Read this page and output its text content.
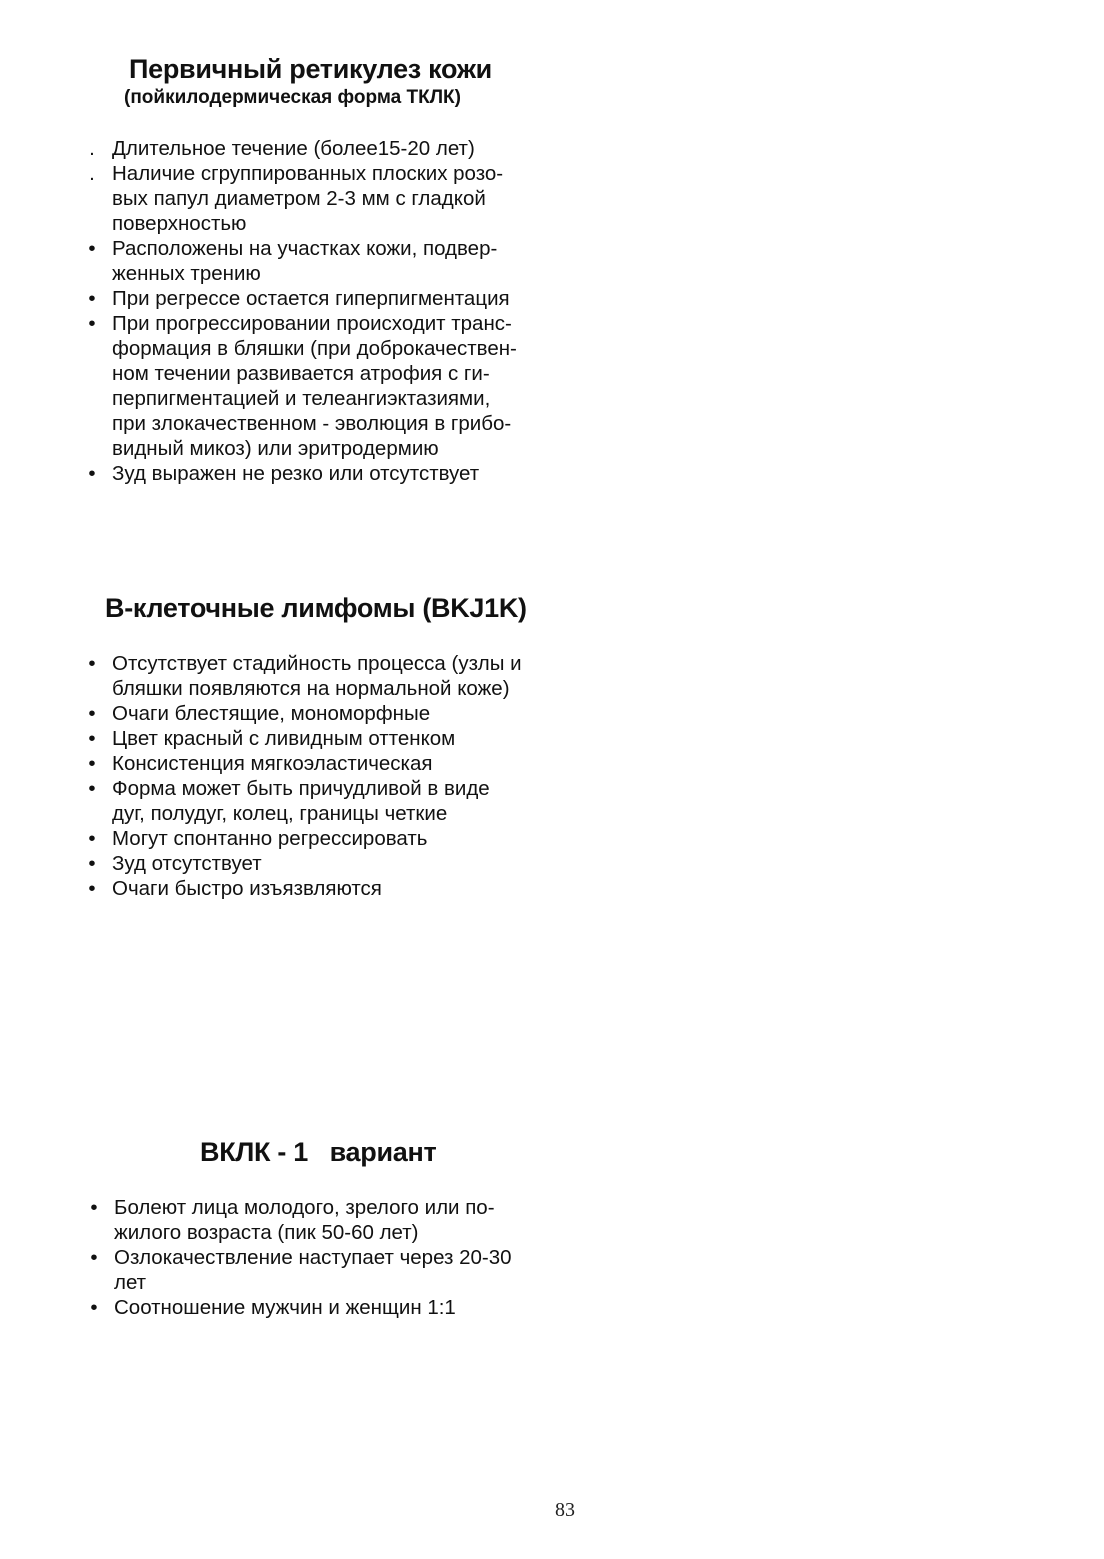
Первичный ретикулез кожи
(пойкилодермическая форма ТКЛК)
. Длительное течение (более15-20 лет)
. Наличие сгруппированных плоских розо-
вых папул диаметром 2-3 мм с гладкой
поверхностью
• Расположены на участках кожи, подвер-
женных трению
• При регрессе остается гиперпигментация
• При прогрессировании происходит транс-
формация в бляшки (при доброкачествен-
ном течении развивается атрофия с ги-
перпигментацией и телеангиэктазиями,
при злокачественном - эволюция в грибо-
видный микоз) или эритродермию
• Зуд выражен не резко или отсутствует
В-клеточные лимфомы (BKJ1K)
• Отсутствует стадийность процесса (узлы и
бляшки появляются на нормальной коже)
• Очаги блестящие, мономорфные
• Цвет красный с ливидным оттенком
• Консистенция мягкоэластическая
• Форма может быть причудливой в виде
дуг, полудуг, колец, границы четкие
• Могут спонтанно регрессировать
• Зуд отсутствует
• Очаги быстро изъязвляются
ВКЛК - 1   вариант
• Болеют лица молодого, зрелого или по-
жилого возраста (пик 50-60 лет)
• Озлокачествление наступает через 20-30
лет
• Соотношение мужчин и женщин 1:1
83
